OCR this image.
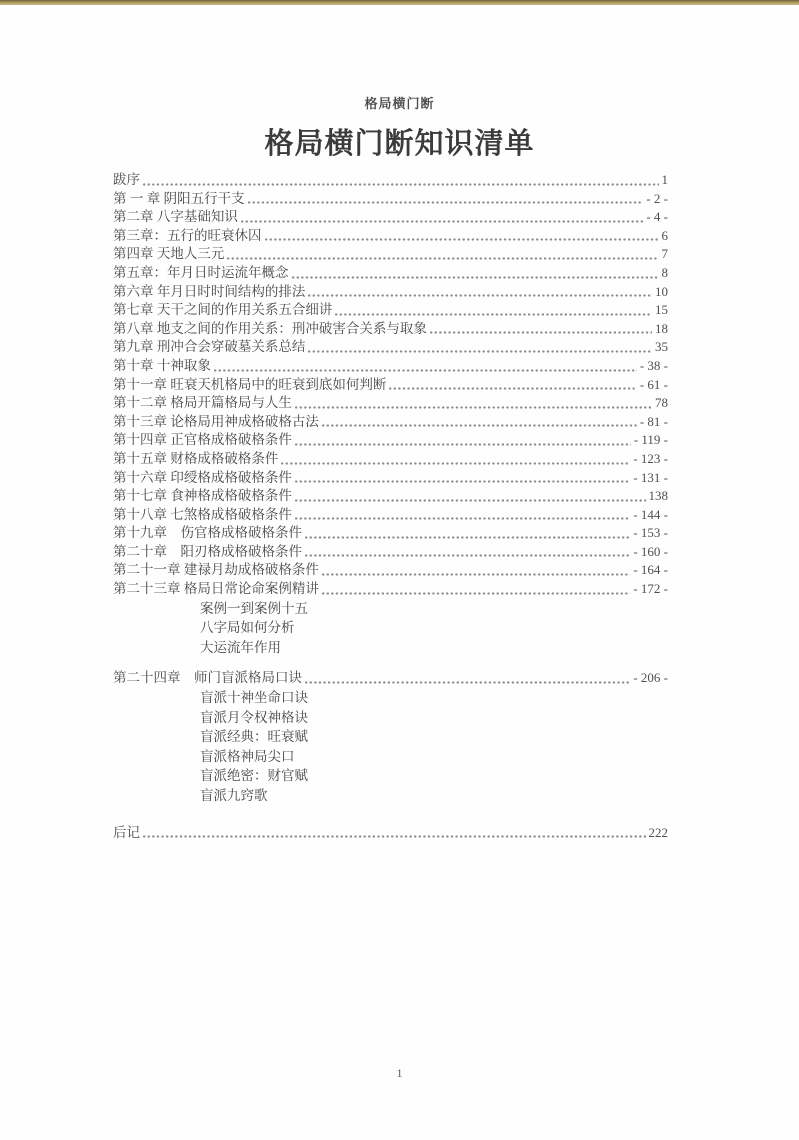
格局横门断
格局横门断知识清单
跋序	1
第 一 章 阴阳五行干支	- 2 -
第二章 八字基础知识	- 4 -
第三章：五行的旺衰休囚	6
第四章 天地人三元	7
第五章：年月日时运流年概念	8
第六章 年月日时时间结构的排法	10
第七章 天干之间的作用关系五合细讲	15
第八章 地支之间的作用关系：刑冲破害合关系与取象	18
第九章 刑冲合会穿破墓关系总结	35
第十章 十神取象	- 38 -
第十一章 旺衰天机格局中的旺衰到底如何判断	- 61 -
第十二章 格局开篇格局与人生	78
第十三章 论格局用神成格破格古法	- 81 -
第十四章 正官格成格破格条件	- 119 -
第十五章 财格成格破格条件	- 123 -
第十六章 印绶格成格破格条件	- 131 -
第十七章 食神格成格破格条件	138
第十八章 七煞格成格破格条件	- 144 -
第十九章　伤官格成格破格条件	- 153 -
第二十章　阳刃格成格破格条件	- 160 -
第二十一章 建禄月劫成格破格条件	- 164 -
第二十三章 格局日常论命案例精讲	- 172 -
案例一到案例十五
八字局如何分析
大运流年作用
第二十四章　师门盲派格局口诀	- 206 -
盲派十神坐命口诀
盲派月令权神格诀
盲派经典：旺衰赋
盲派格神局尖口
盲派绝密：财官赋
盲派九窍歌
后记	222
1
